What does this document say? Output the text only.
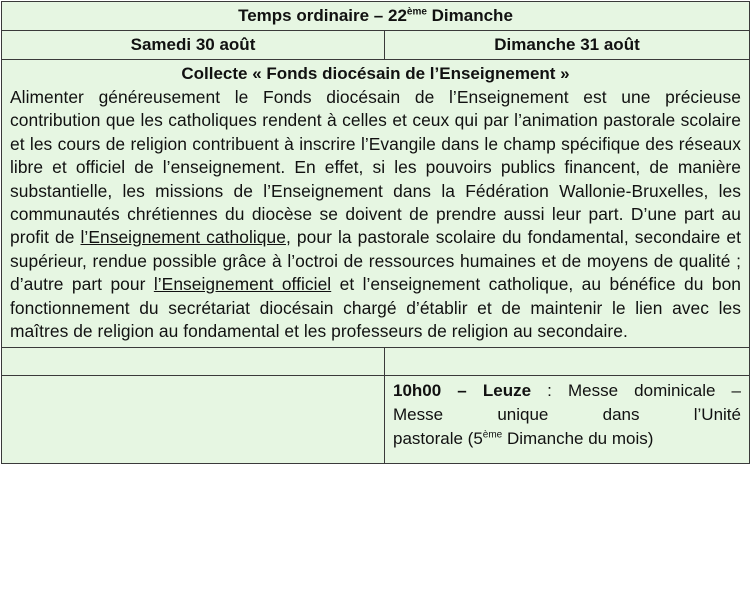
Temps ordinaire – 22ème Dimanche	
Samedi 30 août	Dimanche 31 août

Collecte « Fonds diocésain de l’Enseignement »
Alimenter généreusement le Fonds diocésain de l’Enseignement est une précieuse contribution que les catholiques rendent à celles et ceux qui par l’animation pastorale scolaire et les cours de religion contribuent à inscrire l’Evangile dans le champ spécifique des réseaux libre et officiel de l’enseignement. En effet, si les pouvoirs publics financent, de manière substantielle, les missions de l’Enseignement dans la Fédération Wallonie-Bruxelles, les communautés chrétiennes du diocèse se doivent de prendre aussi leur part. D’une part au profit de l’Enseignement catholique, pour la pastorale scolaire du fondamental, secondaire et supérieur, rendue possible grâce à l’octroi de ressources humaines et de moyens de qualité ; d’autre part pour l’Enseignement officiel et l’enseignement catholique, au bénéfice du bon fonctionnement du secrétariat diocésain chargé d’établir et de maintenir le lien avec les maîtres de religion au fondamental et les professeurs de religion au secondaire.	

	10h00 – Leuze : Messe dominicale –
Messe unique dans l’Unité
pastorale (5ème Dimanche du mois)
